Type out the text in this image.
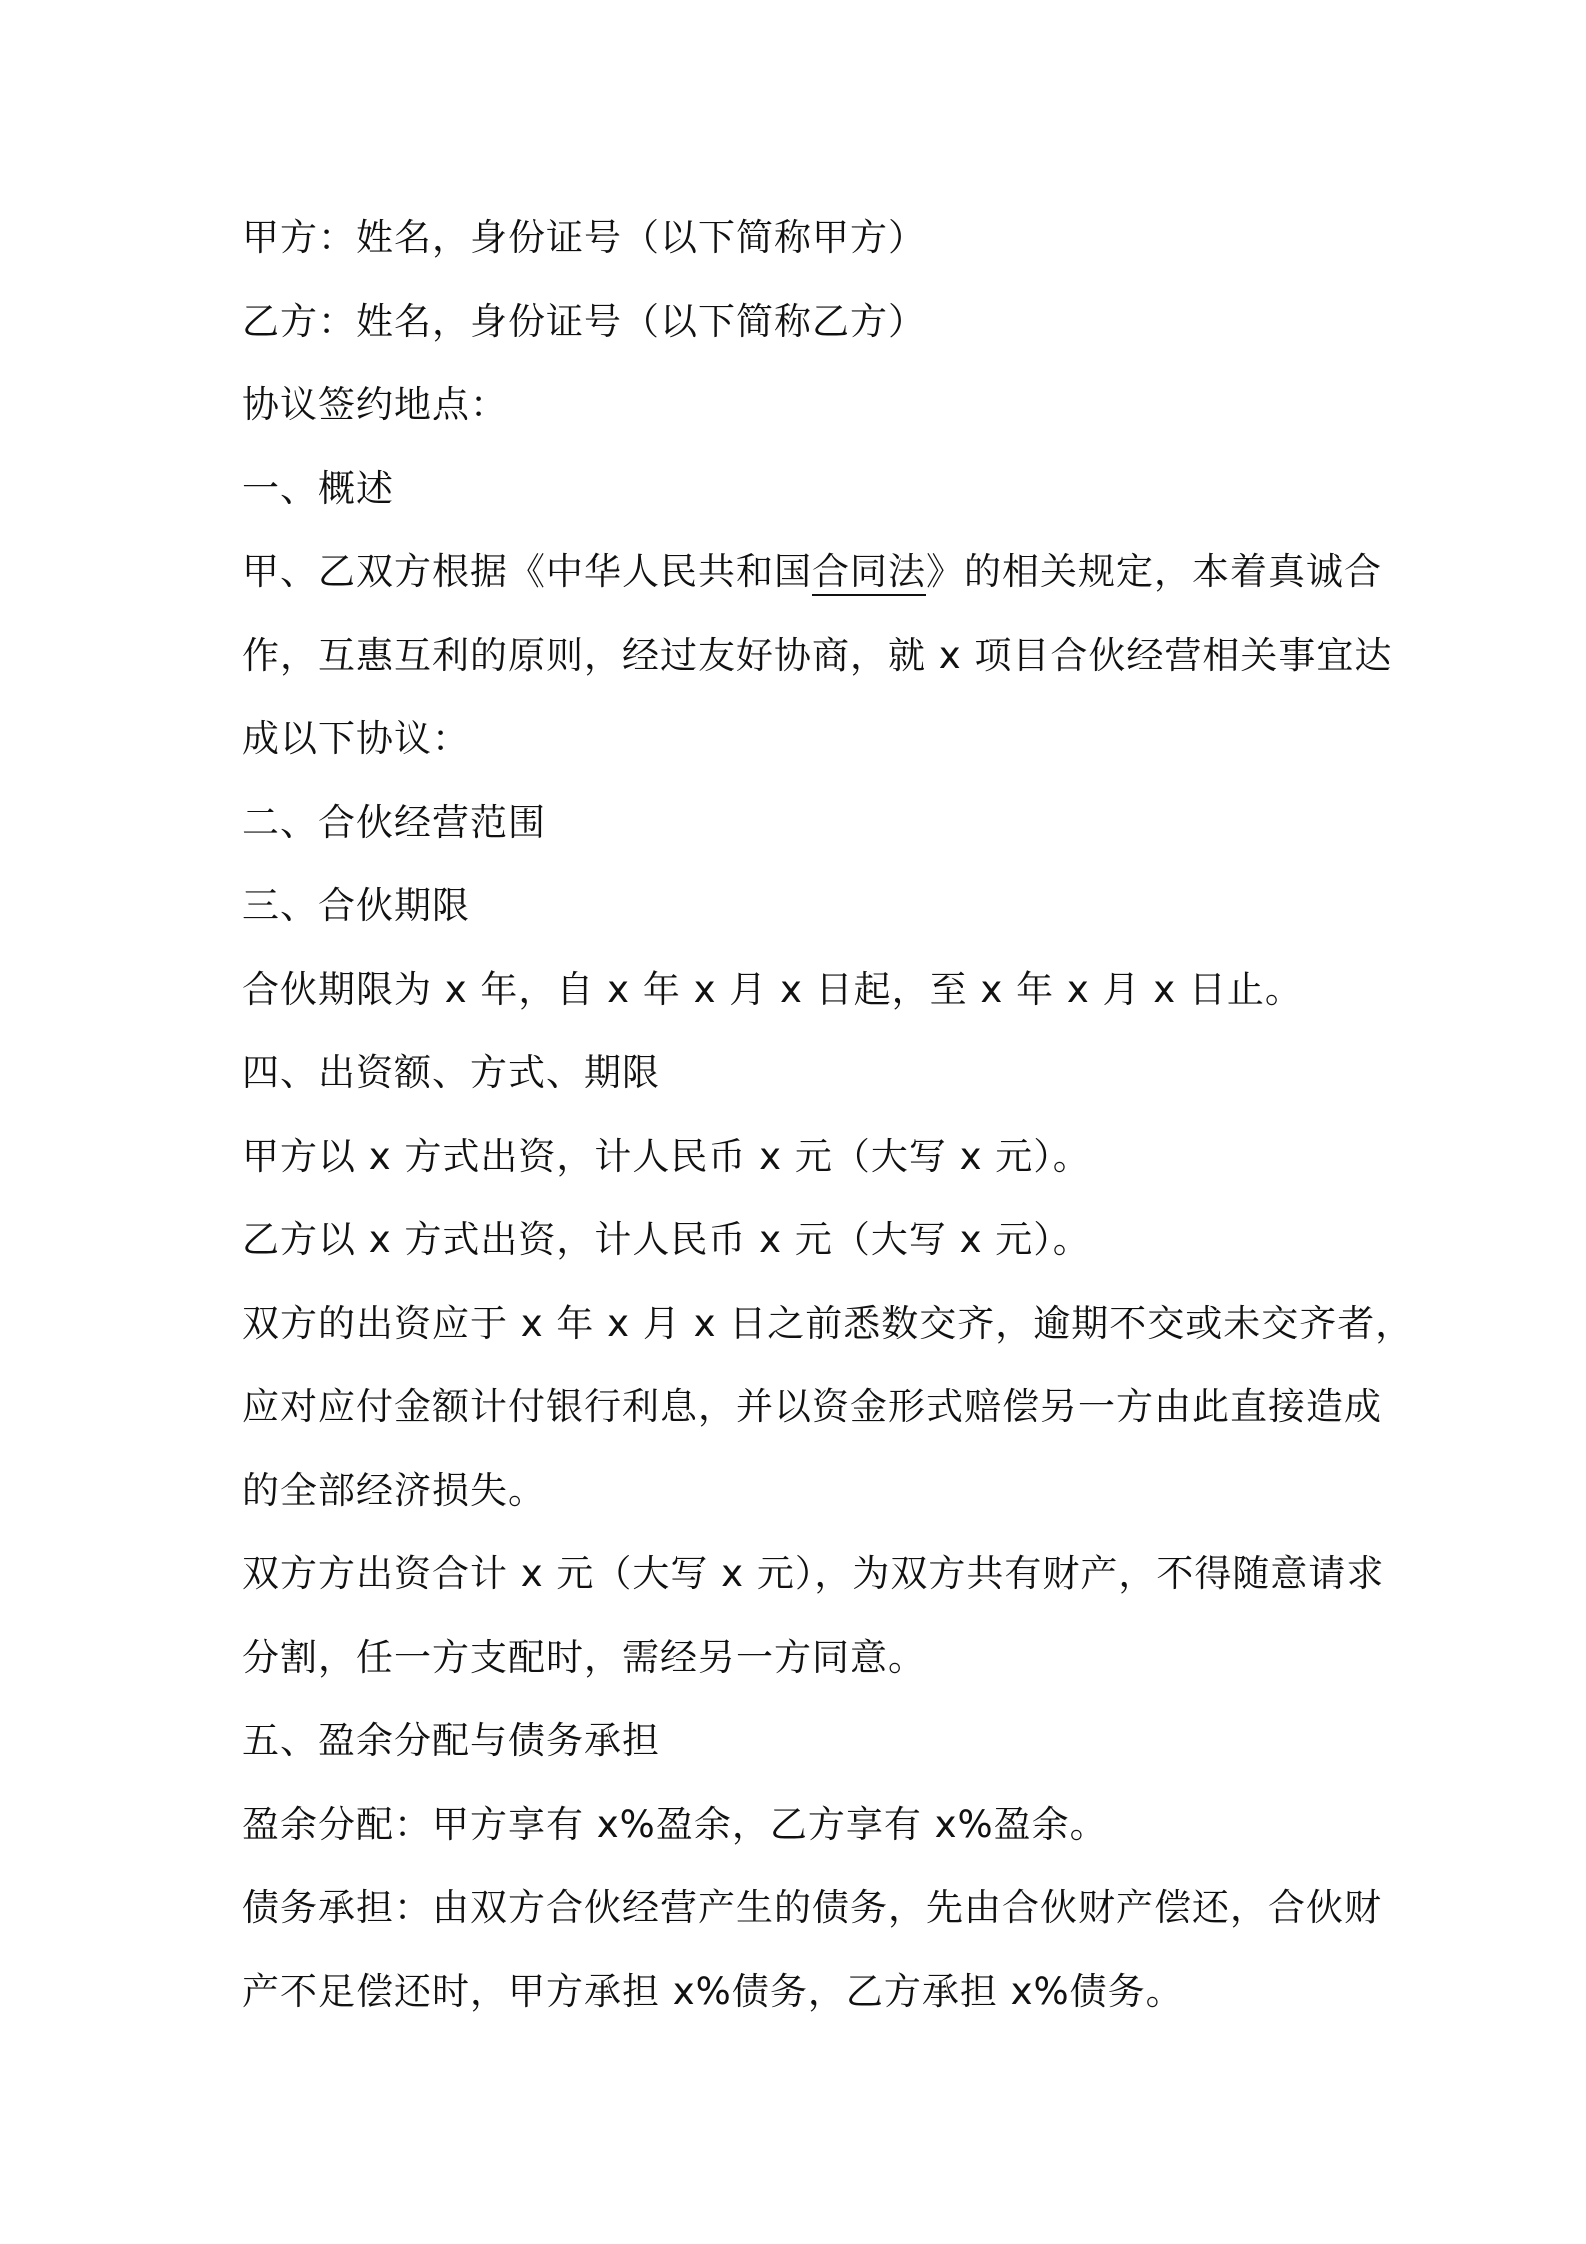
甲方：姓名，身份证号（以下简称甲方）
乙方：姓名，身份证号（以下简称乙方）
协议签约地点：
一、概述
甲、乙双方根据《中华人民共和国合同法》的相关规定，本着真诚合
作，互惠互利的原则，经过友好协商，就 x 项目合伙经营相关事宜达
成以下协议：
二、合伙经营范围
三、合伙期限
合伙期限为 x 年，自 x 年 x 月 x 日起，至 x 年 x 月 x 日止。
四、出资额、方式、期限
甲方以 x 方式出资，计人民币 x 元（大写 x 元）。
乙方以 x 方式出资，计人民币 x 元（大写 x 元）。
双方的出资应于 x 年 x 月 x 日之前悉数交齐，逾期不交或未交齐者，
应对应付金额计付银行利息，并以资金形式赔偿另一方由此直接造成
的全部经济损失。
双方方出资合计 x 元（大写 x 元），为双方共有财产，不得随意请求
分割，任一方支配时，需经另一方同意。
五、盈余分配与债务承担
盈余分配：甲方享有 x%盈余，乙方享有 x%盈余。
债务承担：由双方合伙经营产生的债务，先由合伙财产偿还，合伙财
产不足偿还时，甲方承担 x%债务，乙方承担 x%债务。
